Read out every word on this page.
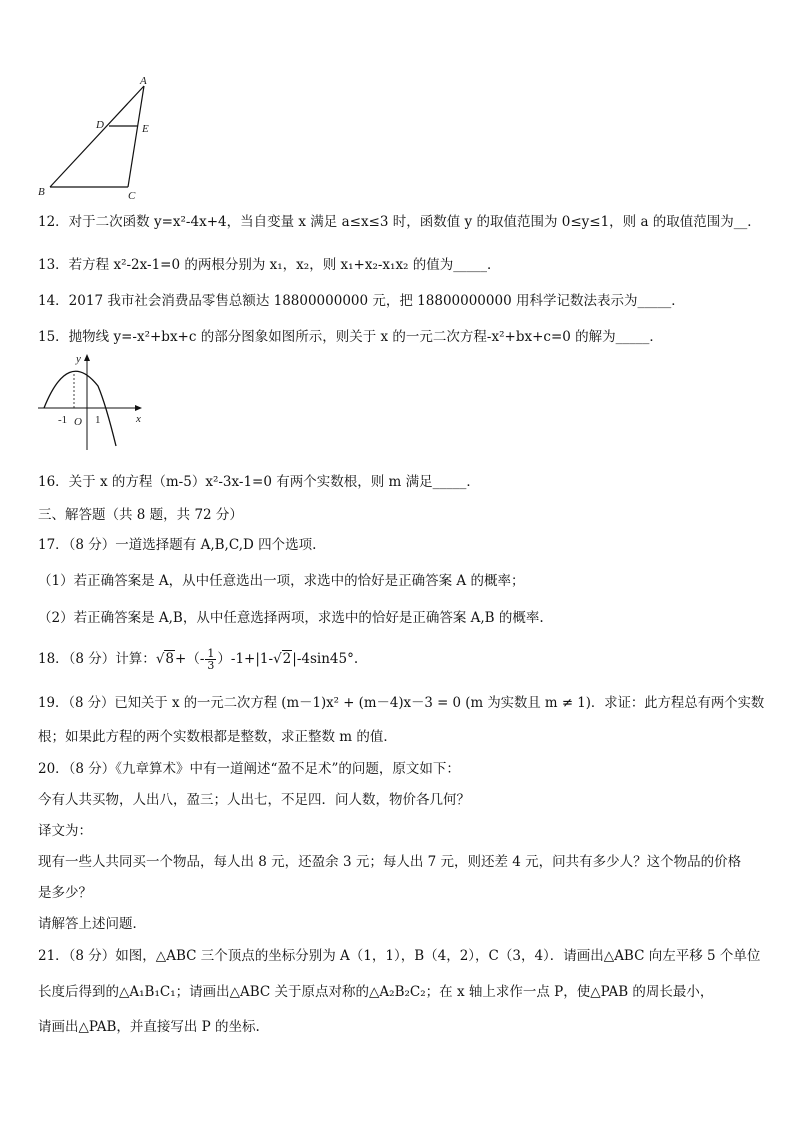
A
D	E
B	C
12．对于二次函数 y=x²-4x+4，当自变量 x 满足 a≤x≤3 时，函数值 y 的取值范围为 0≤y≤1，则 a 的取值范围为__．
13．若方程 x²-2x-1=0 的两根分别为 x₁，x₂，则 x₁+x₂-x₁x₂ 的值为_____．
14．2017 我市社会消费品零售总额达 18800000000 元，把 18800000000 用科学记数法表示为_____．
15．抛物线 y=-x²+bx+c 的部分图象如图所示，则关于 x 的一元二次方程-x²+bx+c=0 的解为_____．
y
x
-1 O 1
16．关于 x 的方程（m-5）x²-3x-1=0 有两个实数根，则 m 满足_____．
三、解答题（共 8 题，共 72 分）
17．（8 分）一道选择题有 A,B,C,D 四个选项.
（1）若正确答案是 A，从中任意选出一项，求选中的恰好是正确答案 A 的概率；
（2）若正确答案是 A,B，从中任意选择两项，求选中的恰好是正确答案 A,B 的概率.
18．（8 分）计算：$√8+(- \frac{1}{3} )-1+|1-√2|-4\sin 45^\circ$.
19．（8 分）已知关于 x 的一元二次方程 (m－1)x² + (m－4)x－3 = 0 (m 为实数且 m ≠ 1)．求证：此方程总有两个实数
根；如果此方程的两个实数根都是整数，求正整数 m 的值．
20．（8 分）《九章算术》中有一道阐述“盈不足术”的问题，原文如下：
今有人共买物，人出八，盈三；人出七，不足四．问人数，物价各几何？
译文为：
现有一些人共同买一个物品，每人出 8 元，还盈余 3 元；每人出 7 元，则还差 4 元，问共有多少人？这个物品的价格
是多少？
请解答上述问题．
21．（8 分）如图，△ABC 三个顶点的坐标分别为 A（1，1），B（4，2），C（3，4）．请画出△ABC 向左平移 5 个单位
长度后得到的△A₁B₁C₁；请画出△ABC 关于原点对称的△A₂B₂C₂；在 x 轴上求作一点 P，使△PAB 的周长最小，
请画出△PAB，并直接写出 P 的坐标.
